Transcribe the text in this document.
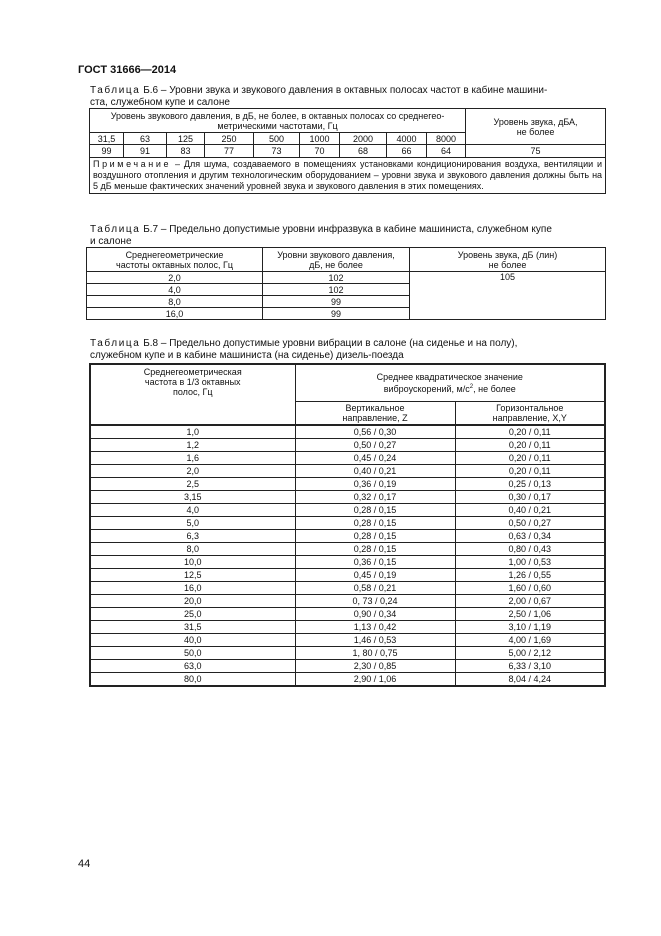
ГОСТ 31666—2014
Таблица Б.6 – Уровни звука и звукового давления в октавных полосах частот в кабине машини-
ста, служебном купе и салоне
Уровень звукового давления, в дБ, не более, в октавных полосах со среднегео-
метрическими частотами, Гц									Уровень звука, дБА,
не более
31,5	63	125	250	500	1000	2000	4000	8000	
99	91	83	77	73	70	68	66	64	75
Примечание – Для шума, создаваемого в помещениях установками кондиционирования воздуха, вентиляции и воздушного отопления и другим технологическим оборудованием – уровни звука и звукового давления должны быть на 5 дБ меньше фактических значений уровней звука и звукового давления в этих помещениях.									
Таблица Б.7 – Предельно допустимые уровни инфразвука в кабине машиниста, служебном купе
и салоне
Среднегеометрические
частоты октавных полос, Гц	Уровни звукового давления,
дБ, не более	Уровень звука, дБ (лин)
не более
2,0	102	105
4,0	102	
8,0	99	
16,0	99	
Таблица Б.8 – Предельно допустимые уровни вибрации в салоне (на сиденье и на полу),
служебном купе и в кабине машиниста (на сиденье) дизель-поезда
Среднегеометрическая
частота в 1/3 октавных
полос, Гц	Среднее квадратическое значение
виброускорений, $м/с^2$, не более	
	Вертикальное
направление, Z	Горизонтальное
направление, X,Y
1,0	0,56 / 0,30	0,20 / 0,11
1,2	0,50 / 0,27	0,20 / 0,11
1,6	0,45 / 0,24	0,20 / 0,11
2,0	0,40 / 0,21	0,20 / 0,11
2,5	0,36 / 0,19	0,25 / 0,13
3,15	0,32 / 0,17	0,30 / 0,17
4,0	0,28 / 0,15	0,40 / 0,21
5,0	0,28 / 0,15	0,50 / 0,27
6,3	0,28 / 0,15	0,63 / 0,34
8,0	0,28 / 0,15	0,80 / 0,43
10,0	0,36 / 0,15	1,00 / 0,53
12,5	0,45 / 0,19	1,26 / 0,55
16,0	0,58 / 0,21	1,60 / 0,60
20,0	0, 73 / 0,24	2,00 / 0,67
25,0	0,90 / 0,34	2,50 / 1,06
31,5	1,13 / 0,42	3,10 / 1,19
40,0	1,46 / 0,53	4,00 / 1,69
50,0	1, 80 / 0,75	5,00 / 2,12
63,0	2,30 / 0,85	6,33 / 3,10
80,0	2,90 / 1,06	8,04 / 4,24
44
